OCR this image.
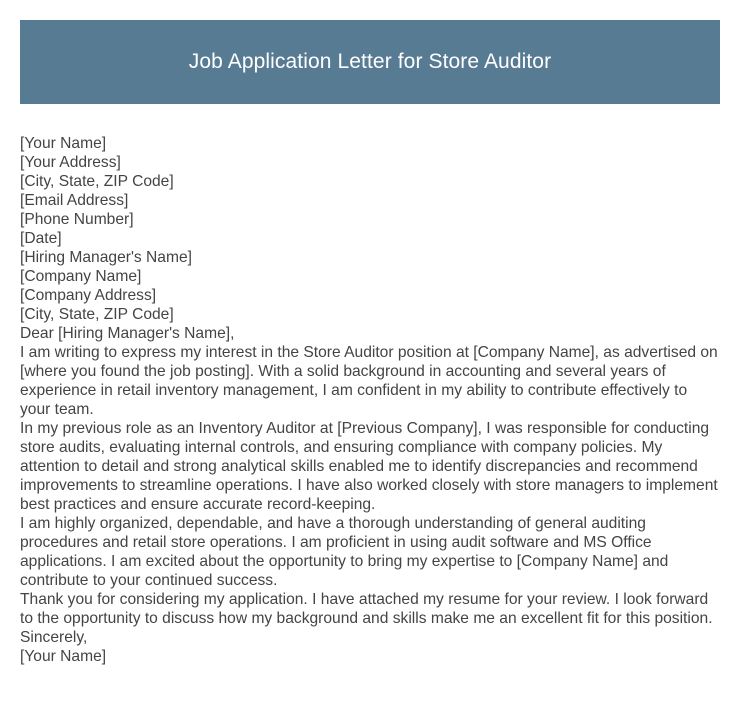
Job Application Letter for Store Auditor
[Your Name]
[Your Address]
[City, State, ZIP Code]
[Email Address]
[Phone Number]
[Date]
[Hiring Manager's Name]
[Company Name]
[Company Address]
[City, State, ZIP Code]
Dear [Hiring Manager's Name],

I am writing to express my interest in the Store Auditor position at [Company Name], as advertised on [where you found the job posting]. With a solid background in accounting and several years of experience in retail inventory management, I am confident in my ability to contribute effectively to your team.

In my previous role as an Inventory Auditor at [Previous Company], I was responsible for conducting store audits, evaluating internal controls, and ensuring compliance with company policies. My attention to detail and strong analytical skills enabled me to identify discrepancies and recommend improvements to streamline operations. I have also worked closely with store managers to implement best practices and ensure accurate record-keeping.

I am highly organized, dependable, and have a thorough understanding of general auditing procedures and retail store operations. I am proficient in using audit software and MS Office applications. I am excited about the opportunity to bring my expertise to [Company Name] and contribute to your continued success.

Thank you for considering my application. I have attached my resume for your review. I look forward to the opportunity to discuss how my background and skills make me an excellent fit for this position.

Sincerely,
[Your Name]
